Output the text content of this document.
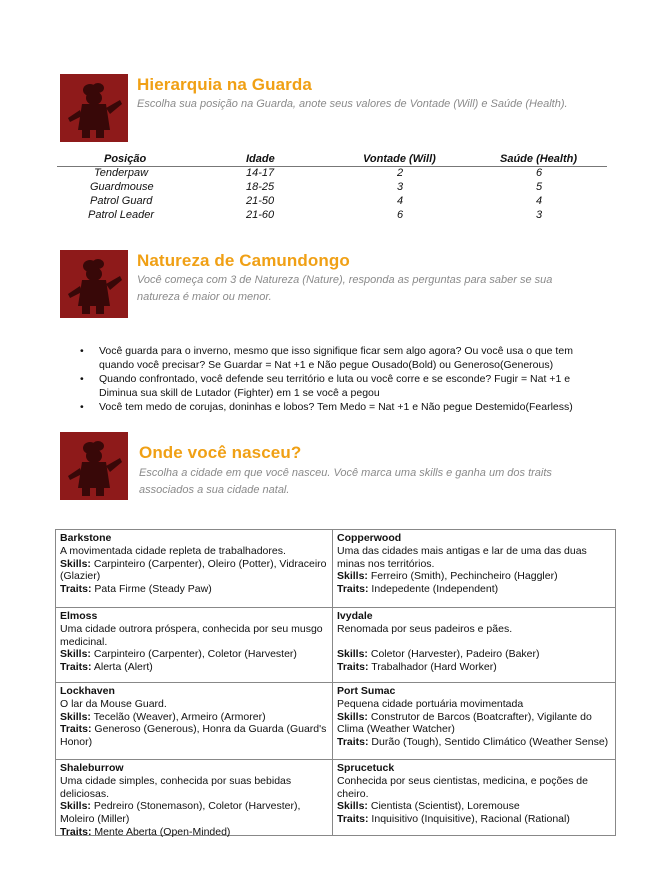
Hierarquia na Guarda
Escolha sua posição na Guarda, anote seus valores de Vontade (Will) e Saúde (Health).
Posição	Idade	Vontade (Will)	Saúde (Health)
Tenderpaw	14-17	2	6
Guardmouse	18-25	3	5
Patrol Guard	21-50	4	4
Patrol Leader	21-60	6	3
Natureza de Camundongo
Você começa com 3 de Natureza (Nature), responda as perguntas para saber se sua natureza é maior ou menor.
• Você guarda para o inverno, mesmo que isso signifique ficar sem algo agora? Ou você usa o que tem quando você precisar? Se Guardar = Nat +1 e Não pegue Ousado(Bold) ou Generoso(Generous)
• Quando confrontado, você defende seu território e luta ou você corre e se esconde? Fugir = Nat +1 e Diminua sua skill de Lutador (Fighter) em 1 se você a pegou
• Você tem medo de corujas, doninhas e lobos? Tem Medo = Nat +1 e Não pegue Destemido(Fearless)
Onde você nasceu?
Escolha a cidade em que você nasceu. Você marca uma skills e ganha um dos traits associados a sua cidade natal.
Barkstone
A movimentada cidade repleta de trabalhadores.
Skills: Carpinteiro (Carpenter), Oleiro (Potter), Vidraceiro (Glazier)
Traits: Pata Firme (Steady Paw)
Copperwood
Uma das cidades mais antigas e lar de uma das duas minas nos territórios.
Skills: Ferreiro (Smith), Pechincheiro (Haggler)
Traits: Indepedente (Independent)
Elmoss
Uma cidade outrora próspera, conhecida por seu musgo medicinal.
Skills: Carpinteiro (Carpenter), Coletor (Harvester)
Traits: Alerta (Alert)
Ivydale
Renomada por seus padeiros e pães.
Skills: Coletor (Harvester), Padeiro (Baker)
Traits: Trabalhador (Hard Worker)
Lockhaven
O lar da Mouse Guard.
Skills: Tecelão (Weaver), Armeiro (Armorer)
Traits: Generoso (Generous), Honra da Guarda (Guard's Honor)
Port Sumac
Pequena cidade portuária movimentada
Skills: Construtor de Barcos (Boatcrafter), Vigilante do Clima (Weather Watcher)
Traits: Durão (Tough), Sentido Climático (Weather Sense)
Shaleburrow
Uma cidade simples, conhecida por suas bebidas deliciosas.
Skills: Pedreiro (Stonemason), Coletor (Harvester), Moleiro (Miller)
Traits: Mente Aberta (Open-Minded)
Sprucetuck
Conhecida por seus cientistas, medicina, e poções de cheiro.
Skills: Cientista (Scientist), Loremouse
Traits: Inquisitivo (Inquisitive), Racional (Rational)
